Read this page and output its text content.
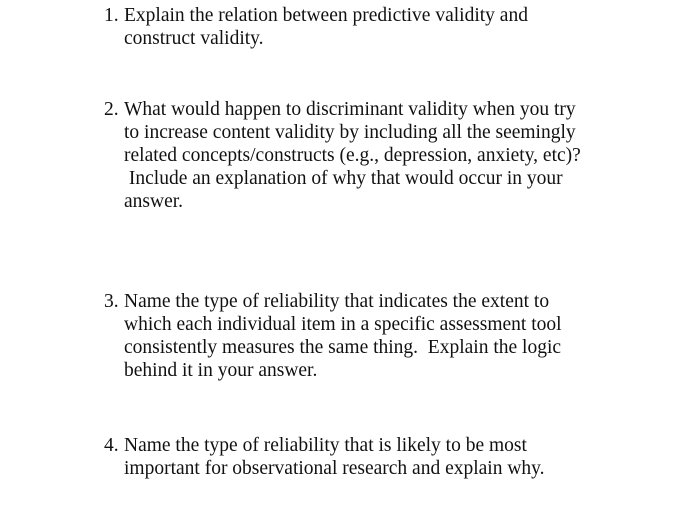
1. Explain the relation between predictive validity and
construct validity.
2. What would happen to discriminant validity when you try
to increase content validity by including all the seemingly
related concepts/constructs (e.g., depression, anxiety, etc)?
Include an explanation of why that would occur in your
answer.
3. Name the type of reliability that indicates the extent to
which each individual item in a specific assessment tool
consistently measures the same thing.  Explain the logic
behind it in your answer.
4. Name the type of reliability that is likely to be most
important for observational research and explain why.
